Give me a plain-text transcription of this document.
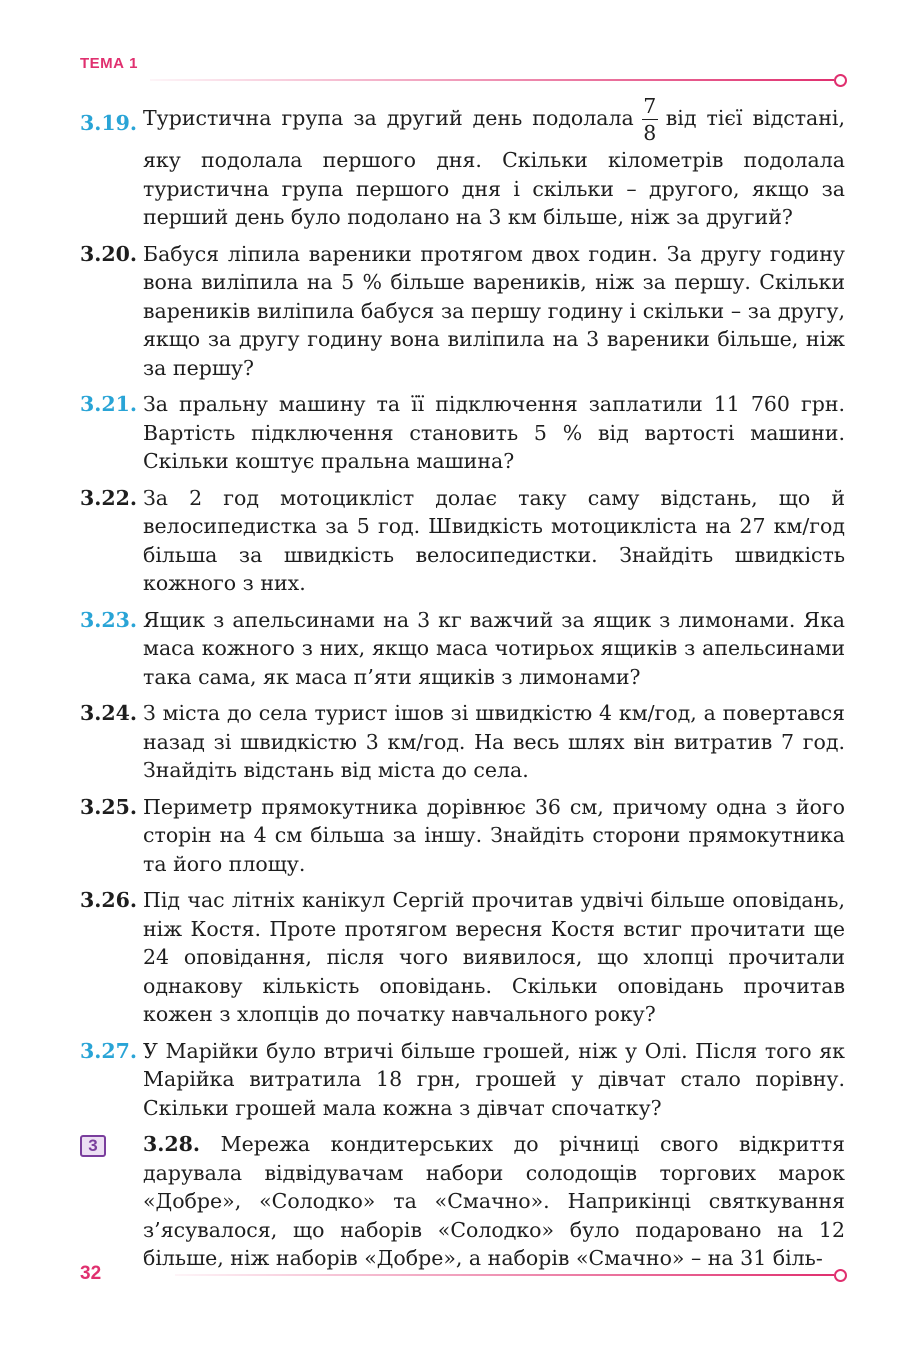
ТЕМА 1
3.19. Туристична група за другий день подолала $\frac{7}{8}$ від тієї відстані, яку подолала першого дня. Скільки кілометрів подолала туристична група першого дня і скільки – другого, якщо за перший день було подолано на 3 км більше, ніж за другий?
3.20. Бабуся ліпила вареники протягом двох годин. За другу годину вона виліпила на 5 % більше вареників, ніж за першу. Скільки вареників виліпила бабуся за першу годину і скільки – за другу, якщо за другу годину вона виліпила на 3 вареники більше, ніж за першу?
3.21. За пральну машину та її підключення заплатили 11 760 грн. Вартість підключення становить 5 % від вартості машини. Скільки коштує пральна машина?
3.22. За 2 год мотоцикліст долає таку саму відстань, що й велосипедистка за 5 год. Швидкість мотоцикліста на 27 км/год більша за швидкість велосипедистки. Знайдіть швидкість кожного з них.
3.23. Ящик з апельсинами на 3 кг важчий за ящик з лимонами. Яка маса кожного з них, якщо маса чотирьох ящиків з апельсинами така сама, як маса п’яти ящиків з лимонами?
3.24. З міста до села турист ішов зі швидкістю 4 км/год, а повертався назад зі швидкістю 3 км/год. На весь шлях він витратив 7 год. Знайдіть відстань від міста до села.
3.25. Периметр прямокутника дорівнює 36 см, причому одна з його сторін на 4 см більша за іншу. Знайдіть сторони прямокутника та його площу.
3.26. Під час літніх канікул Сергій прочитав удвічі більше оповідань, ніж Костя. Проте протягом вересня Костя встиг прочитати ще 24 оповідання, після чого виявилося, що хлопці прочитали однакову кількість оповідань. Скільки оповідань прочитав кожен з хлопців до початку навчального року?
3.27. У Марійки було втричі більше грошей, ніж у Олі. Після того як Марійка витратила 18 грн, грошей у дівчат стало порівну. Скільки грошей мала кожна з дівчат спочатку?
3	3.28. Мережа кондитерських до річниці свого відкриття дарувала відвідувачам набори солодощів торгових марок «Добре», «Солодко» та «Смачно». Наприкінці святкування з’ясувалося, що наборів «Солодко» було подаровано на 12 більше, ніж наборів «Добре», а наборів «Смачно» – на 31 біль-
32
